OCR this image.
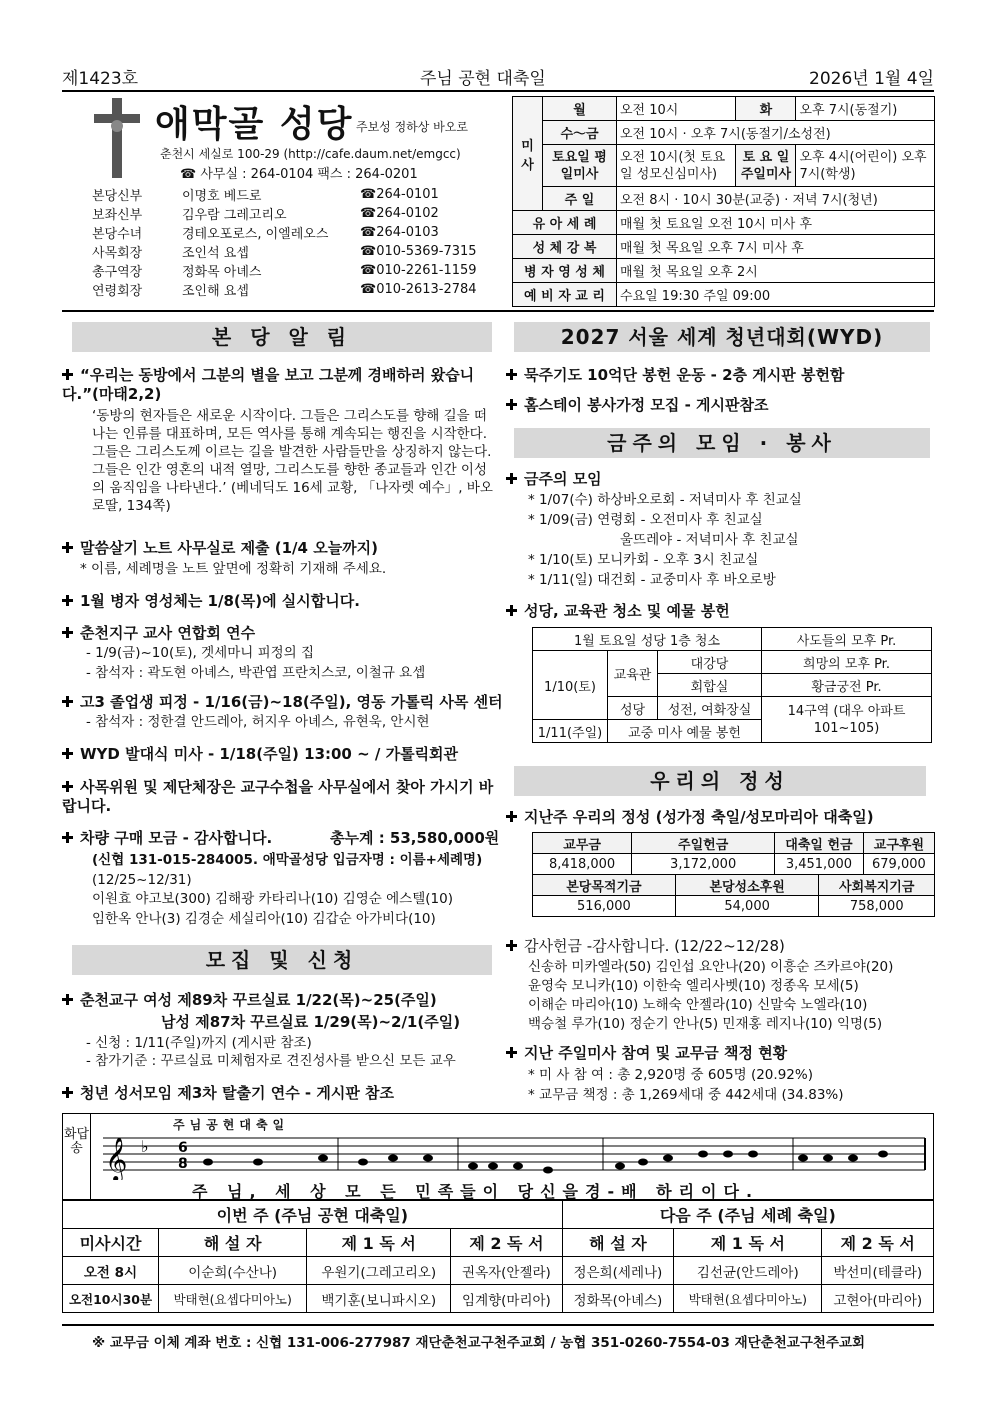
제1423호	주님 공현 대축일	2026년 1월 4일
애막골 성당 주보성 정하상 바오로
춘천시 세실로 100-29 (http://cafe.daum.net/emgcc)
☎ 사무실 : 264-0104 팩스 : 264-0201
본당신부	이명호 베드로	☎ 264-0101
보좌신부	김우람 그레고리오	☎ 264-0102
본당수녀	경테오포로스, 이엘레오스	☎ 264-0103
사목회장	조인석 요셉	☎ 010-5369-7315
총구역장	정화목 아녜스	☎ 010-2261-1159
연령회장	조인해 요셉	☎ 010-2613-2784
미 사	월	오전 10시	화	오후 7시(동절기)
	수～금	오전 10시 · 오후 7시(동절기/소성전)		
	토요일 평일미사	오전 10시(첫 토요일 성모신심미사)	토 요 일 주일미사	오후 4시(어린이) 오후 7시(학생)
	주 일	오전 8시 · 10시 30분(교중) · 저녁 7시(청년)		
유 아 세 례		매월 첫 토요일 오전 10시 미사 후		
성 체 강 복		매월 첫 목요일 오후 7시 미사 후		
병 자 영 성 체		매월 첫 목요일 오후 2시		
예 비 자 교 리		수요일 19:30 주일 09:00		
본 당 알 림
“우리는 동방에서 그분의 별을 보고 그분께 경배하러 왔습니다.”(마태2,2)
‘동방의 현자들은 새로운 시작이다. 그들은 그리스도를 향해 길을 떠나는 인류를 대표하며, 모든 역사를 통해 계속되는 행진을 시작한다. 그들은 그리스도께 이르는 길을 발견한 사람들만을 상징하지 않는다. 그들은 인간 영혼의 내적 열망, 그리스도를 향한 종교들과 인간 이성의 움직임을 나타낸다.’ (베네딕도 16세 교황, 「나자렛 예수」, 바오로딸, 134쪽)
말씀살기 노트 사무실로 제출 (1/4 오늘까지)
* 이름, 세례명을 노트 앞면에 정확히 기재해 주세요.
1월 병자 영성체는 1/8(목)에 실시합니다.
춘천지구 교사 연합회 연수
- 1/9(금)~10(토), 겟세마니 피정의 집
- 참석자 : 곽도현 아녜스, 박관엽 프란치스코, 이철규 요셉
고3 졸업생 피정 - 1/16(금)~18(주일), 영동 가톨릭 사목 센터
- 참석자 : 정한결 안드레아, 허지우 아녜스, 유현욱, 안시현
WYD 발대식 미사 - 1/18(주일) 13:00 ~ / 가톨릭회관
사목위원 및 제단체장은 교구수첩을 사무실에서 찾아 가시기 바랍니다.
차량 구매 모금 - 감사합니다.	총누계 : 53,580,000원
(신협 131-015-284005. 애막골성당 입금자명 : 이름+세례명)
(12/25~12/31)
이원효 야고보(300) 김해광 카타리나(10) 김영순 에스텔(10)
임한옥 안나(3) 김경순 세실리아(10) 김갑순 아가비다(10)
모집 및 신청
춘천교구 여성 제89차 꾸르실료 1/22(목)~25(주일)
남성 제87차 꾸르실료 1/29(목)~2/1(주일)
- 신청 : 1/11(주일)까지 (게시판 참조)
- 참가기준 : 꾸르실료 미체험자로 견진성사를 받으신 모든 교우
청년 성서모임 제3차 탈출기 연수 - 게시판 참조
2027 서울 세계 청년대회(WYD)
묵주기도 10억단 봉헌 운동 - 2층 게시판 봉헌함
홈스테이 봉사가정 모집 - 게시판참조
금주의 모임 · 봉사
금주의 모임
* 1/07(수) 하상바오로회 - 저녁미사 후 친교실
* 1/09(금) 연령회 - 오전미사 후 친교실
울뜨레야 - 저녁미사 후 친교실
* 1/10(토) 모니카회 - 오후 3시 친교실
* 1/11(일) 대건회 - 교중미사 후 바오로방
성당, 교육관 청소 및 예물 봉헌
1월 토요일 성당 1층 청소			사도들의 모후 Pr.
1/10(토)	교육관	대강당	희망의 모후 Pr.
		회합실	황금궁전 Pr.
	성당	성전, 여화장실	14구역 (대우 아파트 101~105)
1/11(주일)	교중 미사 예물 봉헌		
우리의 정성
지난주 우리의 정성 (성가정 축일/성모마리아 대축일)
교무금	주일헌금		대축일 헌금		교구후원
8,418,000	3,172,000		3,451,000		679,000
본당목적기금		본당성소후원		사회복지기금	
516,000		54,000		758,000	
감사헌금 -감사합니다. (12/22~12/28)
신송하 미카엘라(50) 김인섭 요안나(20) 이흥순 즈카르야(20)
윤영숙 모니카(10) 이한숙 엘리사벳(10) 정종옥 모세(5)
이해순 마리아(10) 노해숙 안젤라(10) 신말숙 노엘라(10)
백승철 루가(10) 정순기 안나(5) 민재홍 레지나(10) 익명(5)
지난 주일미사 참여 및 교무금 책정 현황
* 미 사 참 여 : 총 2,920명 중 605명 (20.92%)
* 교무금 책정 : 총 1,269세대 중 442세대 (34.83%)
화답송
주님공현대축일
𝄞 ♭ 6
8
주 님, 세 상 모 든 민족들이 당신을경-배 하리이다.
이번 주 (주님 공현 대축일)				다음 주 (주님 세례 축일)		
미사시간	해 설 자	제 1 독 서	제 2 독 서	해 설 자	제 1 독 서	제 2 독 서
오전 8시	이순희(수산나)	우원기(그레고리오)	권옥자(안젤라)	정은희(세레나)	김선균(안드레아)	박선미(테클라)
오전10시30분	박태현(요셉다미아노)	백기훈(보니파시오)	임계향(마리아)	정화목(아녜스)	박태현(요셉다미아노)	고현아(마리아)
※ 교무금 이체 계좌 번호 : 신협 131-006-277987 재단춘천교구천주교회 / 농협 351-0260-7554-03 재단춘천교구천주교회
